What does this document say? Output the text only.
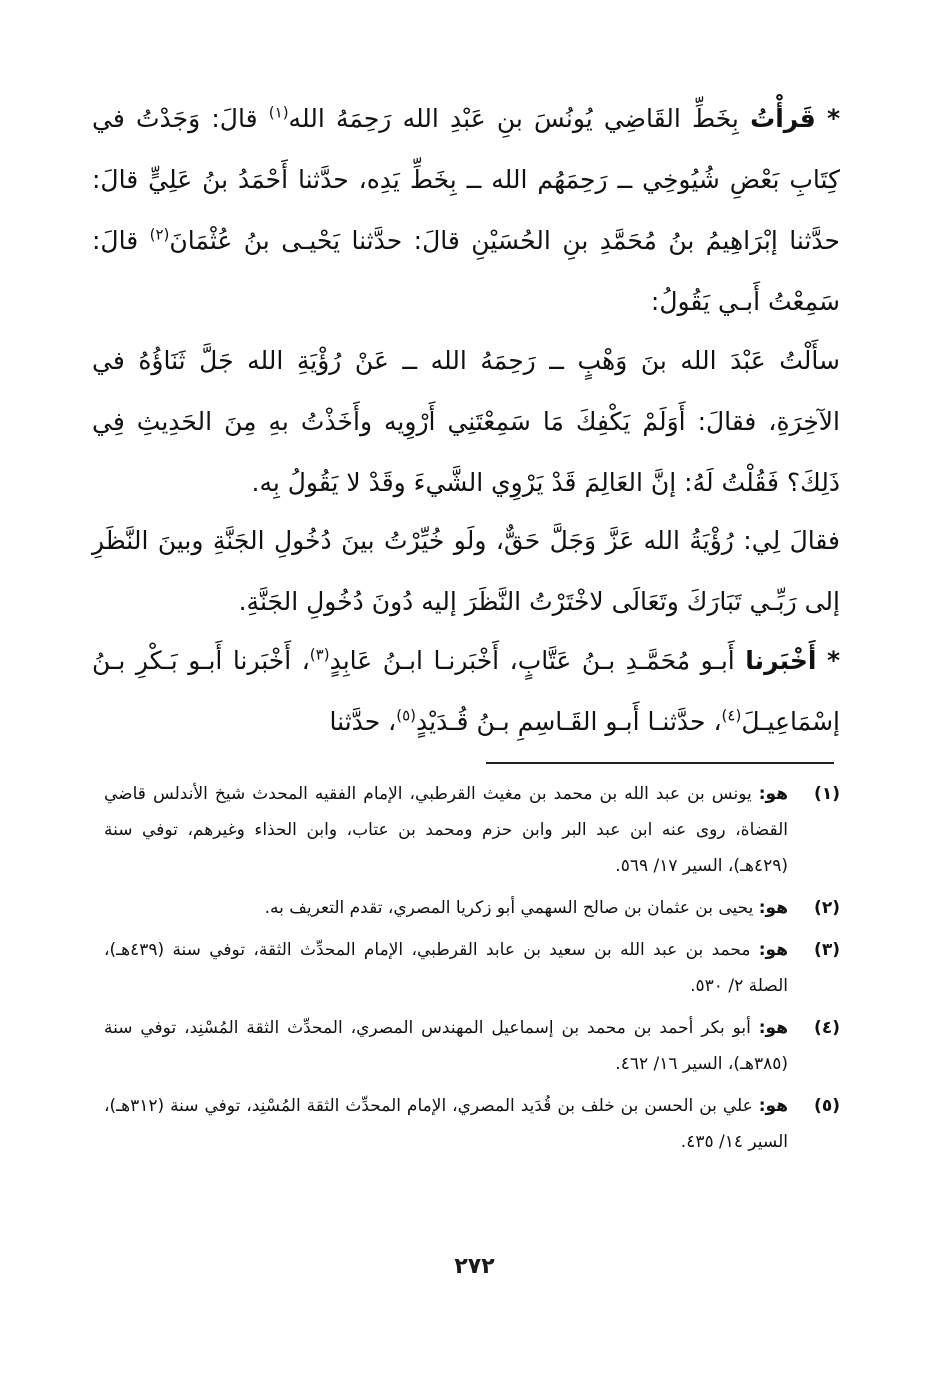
* قَرأْتُ بِخَطِّ القَاضِي يُونُسَ بنِ عَبْدِ الله رَحِمَهُ الله$^{(١)}$ قالَ: وَجَدْتُ في كِتَابِ بَعْضِ شُيُوخِي ــ رَحِمَهُم الله ــ بِخَطِّ يَدِه، حدَّثنا أَحْمَدُ بنُ عَلِيٍّ قالَ: حدَّثنا إبْرَاهِيمُ بنُ مُحَمَّدِ بنِ الحُسَيْنِ قالَ: حدَّثنا يَحْيـى بنُ عُثْمَانَ$^{(٢)}$ قالَ: سَمِعْتُ أَبـي يَقُولُ:

سأَلْتُ عَبْدَ الله بنَ وَهْبٍ ــ رَحِمَهُ الله ــ عَنْ رُؤْيَةِ الله جَلَّ ثَنَاؤُهُ في الآخِرَةِ، فقالَ: أَوَلَمْ يَكْفِكَ مَا سَمِعْتَنِي أَرْوِيه وأَخَذْتُ بهِ مِنَ الحَدِيثِ فِي ذَلِكَ؟ فَقُلْتُ لَهُ: إنَّ العَالِمَ قَدْ يَرْوِي الشَّيءَ وقَدْ لا يَقُولُ بِه.

فقالَ لِي: رُؤْيَةُ الله عَزَّ وَجَلَّ حَقٌّ، ولَو خُيِّرْتُ بينَ دُخُولِ الجَنَّةِ وبينَ النَّظَرِ إلى رَبِّـي تَبَارَكَ وتَعَالَى لاخْتَرْتُ النَّظَرَ إليه دُونَ دُخُولِ الجَنَّةِ.

* أَخْبَرنا أَبـو مُحَمَّـدِ بـنُ عَتَّابٍ، أَخْبَرنـا ابـنُ عَابِدٍ$^{(٣)}$، أَخْبَرنا أَبـو بَـكْرِ بـنُ إسْمَاعِيـلَ$^{(٤)}$، حدَّثنـا أَبـو القَـاسِمِ بـنُ قُـدَيْدٍ$^{(٥)}$، حدَّثنا

(١)
هو: يونس بن عبد الله بن محمد بن مغيث القرطبي، الإمام الفقيه المحدث شيخ الأندلس قاضي القضاة، روى عنه ابن عبد البر وابن حزم ومحمد بن عتاب، وابن الحذاء وغيرهم، توفي سنة (٤٢٩هـ)، السير ١٧/ ٥٦٩.

(٢)
هو: يحيى بن عثمان بن صالح السهمي أبو زكريا المصري، تقدم التعريف به.

(٣)
هو: محمد بن عبد الله بن سعيد بن عابد القرطبي، الإمام المحدِّث الثقة، توفي سنة (٤٣٩هـ)، الصلة ٢/ ٥٣٠.

(٤)
هو: أبو بكر أحمد بن محمد بن إسماعيل المهندس المصري، المحدِّث الثقة المُسْنِد، توفي سنة (٣٨٥هـ)، السير ١٦/ ٤٦٢.

(٥)
هو: علي بن الحسن بن خلف بن قُدَيد المصري، الإمام المحدِّث الثقة المُسْنِد، توفي سنة (٣١٢هـ)، السير ١٤/ ٤٣٥.

٢٧٢
